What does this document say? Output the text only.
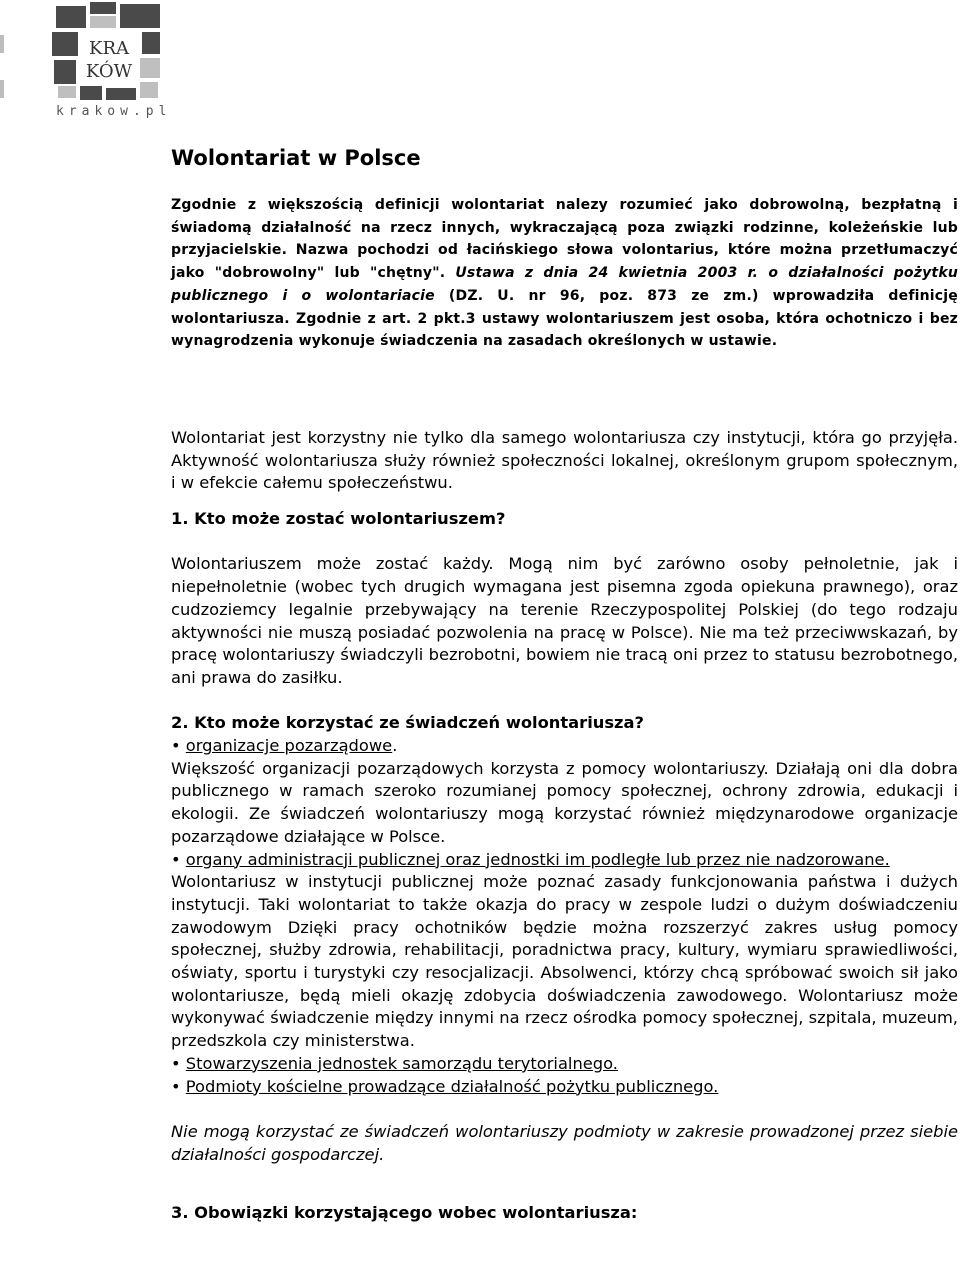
KRA
KÓW
krakow.pl
Wolontariat w Polsce

Zgodnie z większością definicji wolontariat nalezy rozumieć jako dobrowolną, bezpłatną i świadomą działalność na rzecz innych, wykraczającą poza związki rodzinne, koleżeńskie lub przyjacielskie. Nazwa pochodzi od łacińskiego słowa volontarius, które można przetłumaczyć jako "dobrowolny" lub "chętny". Ustawa z dnia 24 kwietnia 2003 r. o działalności pożytku publicznego i o wolontariacie (DZ. U. nr 96, poz. 873 ze zm.) wprowadziła definicję wolontariusza. Zgodnie z art. 2 pkt.3 ustawy wolontariuszem jest osoba, która ochotniczo i bez wynagrodzenia wykonuje świadczenia na zasadach określonych w ustawie.

Wolontariat jest korzystny nie tylko dla samego wolontariusza czy instytucji, która go przyjęła. Aktywność wolontariusza służy również społeczności lokalnej, określonym grupom społecznym, i w efekcie całemu społeczeństwu.

1. Kto może zostać wolontariuszem?

Wolontariuszem może zostać każdy. Mogą nim być zarówno osoby pełnoletnie, jak i niepełnoletnie (wobec tych drugich wymagana jest pisemna zgoda opiekuna prawnego), oraz cudzoziemcy legalnie przebywający na terenie Rzeczypospolitej Polskiej (do tego rodzaju aktywności nie muszą posiadać pozwolenia na pracę w Polsce). Nie ma też przeciwwskazań, by pracę wolontariuszy świadczyli bezrobotni, bowiem nie tracą oni przez to statusu bezrobotnego, ani prawa do zasiłku.

2. Kto może korzystać ze świadczeń wolontariusza?

• organizacje pozarządowe.

Większość organizacji pozarządowych korzysta z pomocy wolontariuszy. Działają oni dla dobra publicznego w ramach szeroko rozumianej pomocy społecznej, ochrony zdrowia, edukacji i ekologii. Ze świadczeń wolontariuszy mogą korzystać również międzynarodowe organizacje pozarządowe działające w Polsce.

• organy administracji publicznej oraz jednostki im podległe lub przez nie nadzorowane.

Wolontariusz w instytucji publicznej może poznać zasady funkcjonowania państwa i dużych instytucji. Taki wolontariat to także okazja do pracy w zespole ludzi o dużym doświadczeniu zawodowym Dzięki pracy ochotników będzie można rozszerzyć zakres usług pomocy społecznej, służby zdrowia, rehabilitacji, poradnictwa pracy, kultury, wymiaru sprawiedliwości, oświaty, sportu i turystyki czy resocjalizacji. Absolwenci, którzy chcą spróbować swoich sił jako wolontariusze, będą mieli okazję zdobycia doświadczenia zawodowego. Wolontariusz może wykonywać świadczenie między innymi na rzecz ośrodka pomocy społecznej, szpitala, muzeum, przedszkola czy ministerstwa.

• Stowarzyszenia jednostek samorządu terytorialnego.

• Podmioty kościelne prowadzące działalność pożytku publicznego.

Nie mogą korzystać ze świadczeń wolontariuszy podmioty w zakresie prowadzonej przez siebie działalności gospodarczej.

3. Obowiązki korzystającego wobec wolontariusza:
